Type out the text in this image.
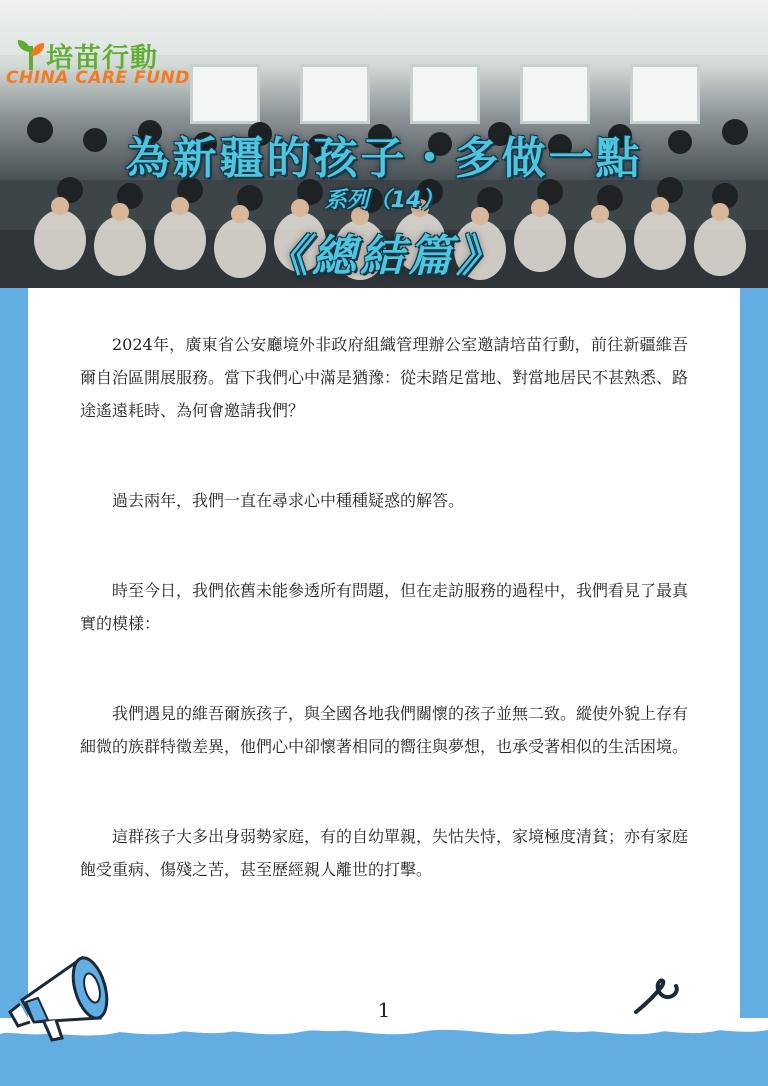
培苗行動
CHINA CARE FUND
為新疆的孩子・多做一點
系列（14）
《總結篇》

2024年，廣東省公安廳境外非政府組織管理辦公室邀請培苗行動，前往新疆維吾爾自治區開展服務。當下我們心中滿是猶豫：從未踏足當地、對當地居民不甚熟悉、路途遙遠耗時、為何會邀請我們？

過去兩年，我們一直在尋求心中種種疑惑的解答。

時至今日，我們依舊未能參透所有問題，但在走訪服務的過程中，我們看見了最真實的模樣：

我們遇見的維吾爾族孩子，與全國各地我們關懷的孩子並無二致。縱使外貌上存有細微的族群特徵差異，他們心中卻懷著相同的嚮往與夢想，也承受著相似的生活困境。

這群孩子大多出身弱勢家庭，有的自幼單親，失怙失恃，家境極度清貧；亦有家庭飽受重病、傷殘之苦，甚至歷經親人離世的打擊。

1
